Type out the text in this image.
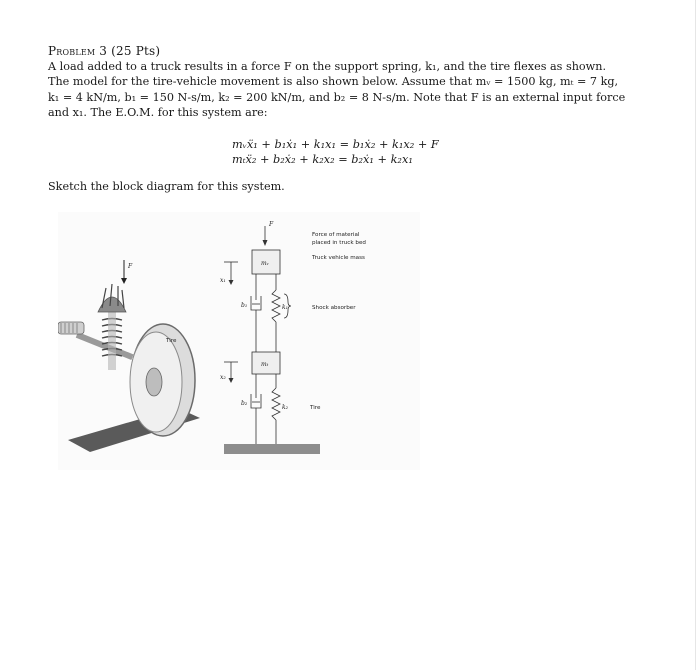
Problem 3 (25 Pts)
A load added to a truck results in a force F on the support spring, k₁, and the tire flexes as shown.
The model for the tire-vehicle movement is also shown below. Assume that mᵥ = 1500 kg, mₜ = 7 kg,
k₁ = 4 kN/m, b₁ = 150 N-s/m, k₂ = 200 kN/m, and b₂ = 8 N-s/m. Note that F is an external input force
and x₁. The E.O.M. for this system are:
mᵥẍ₁ + b₁ẋ₁ + k₁x₁ = b₁ẋ₂ + k₁x₂ + F
mₜẍ₂ + b₂ẋ₂ + k₂x₂ = b₂ẋ₁ + k₂x₁
Sketch the block diagram for this system.
F
Tire
F
mᵥ
mₜ
x₁
x₂
b₁	k₁
b₂
k₂
Force of material
placed in truck bed
Truck vehicle mass
Shock absorber
Tire
